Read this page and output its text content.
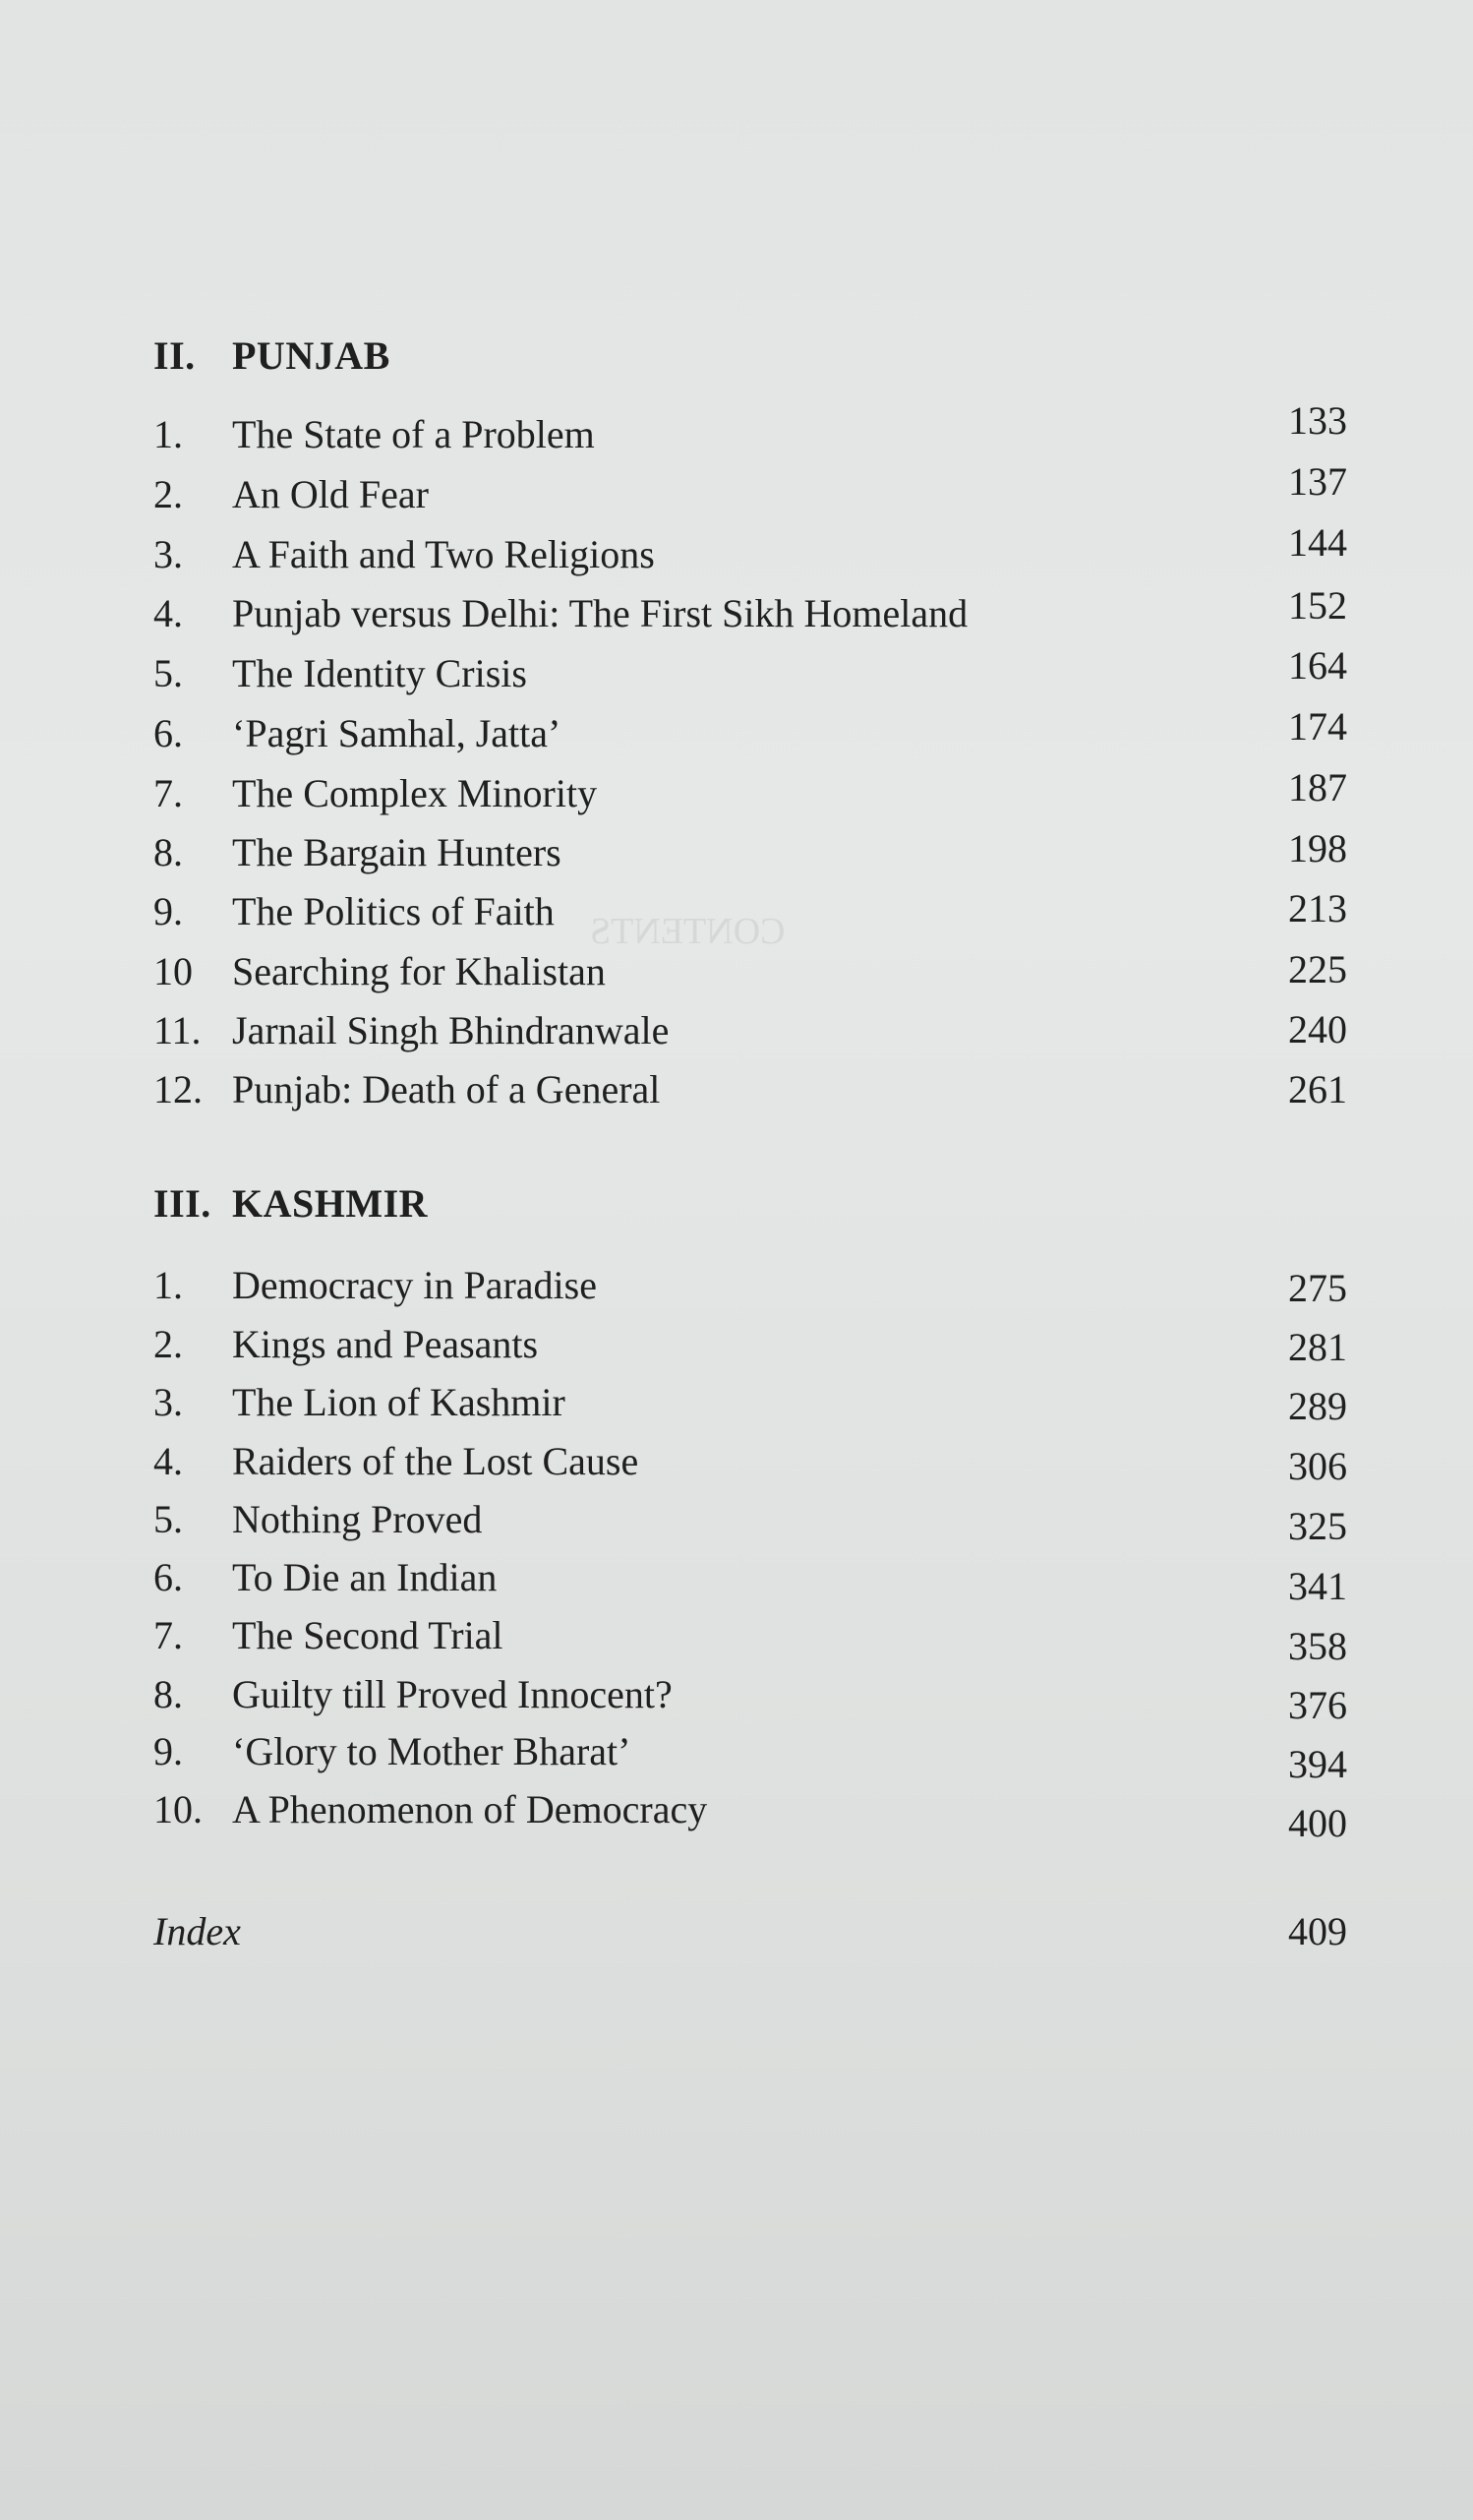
CONTENTS
II. PUNJAB
1. The State of a Problem	133
2. An Old Fear	137
3. A Faith and Two Religions	144
4. Punjab versus Delhi: The First Sikh Homeland	152
5. The Identity Crisis	164
6. ‘Pagri Samhal, Jatta’	174
7. The Complex Minority	187
8. The Bargain Hunters	198
9. The Politics of Faith	213
10 Searching for Khalistan	225
11. Jarnail Singh Bhindranwale	240
12. Punjab: Death of a General	261
III. KASHMIR
1. Democracy in Paradise	275
2. Kings and Peasants	281
3. The Lion of Kashmir	289
4. Raiders of the Lost Cause	306
5. Nothing Proved	325
6. To Die an Indian	341
7. The Second Trial	358
8. Guilty till Proved Innocent?	376
9. ‘Glory to Mother Bharat’	394
10. A Phenomenon of Democracy	400
Index	409
